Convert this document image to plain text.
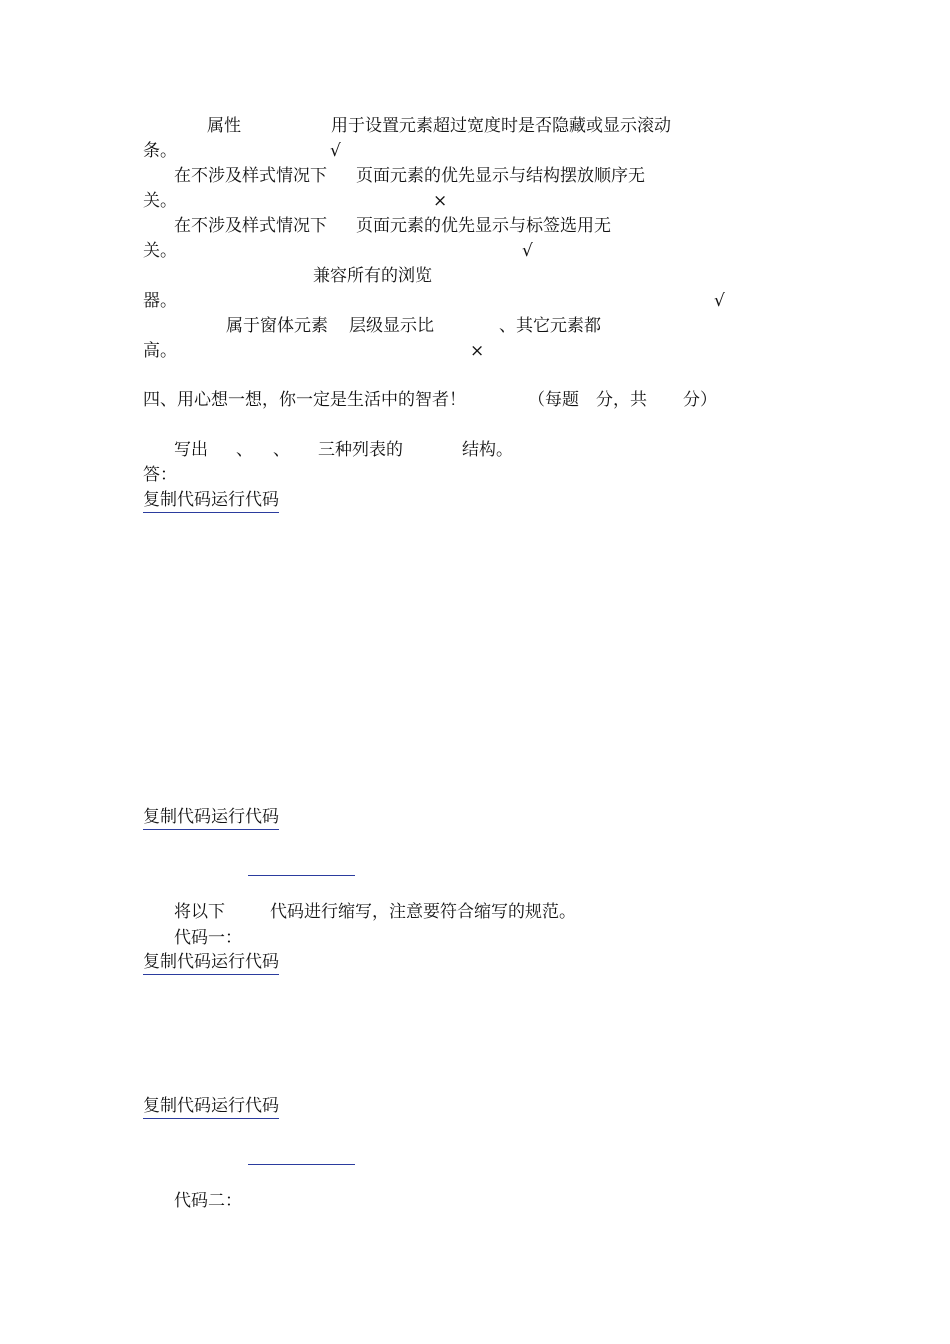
属性	用于设置元素超过宽度时是否隐藏或显示滚动
条。	√
在不涉及样式情况下 页面元素的优先显示与结构摆放顺序无
关。	×
在不涉及样式情况下 页面元素的优先显示与标签选用无
关。	√
兼容所有的浏览
器。	√
属于窗体元素 层级显示比	、其它元素都
高。	×
四、用心想一想，你一定是生活中的智者！	（每题 分，共 分）
写出 、 、 三种列表的	结构。
答：
复制代码运行代码
复制代码运行代码
将以下	代码进行缩写，注意要符合缩写的规范。
代码一：
复制代码运行代码
复制代码运行代码
代码二：
